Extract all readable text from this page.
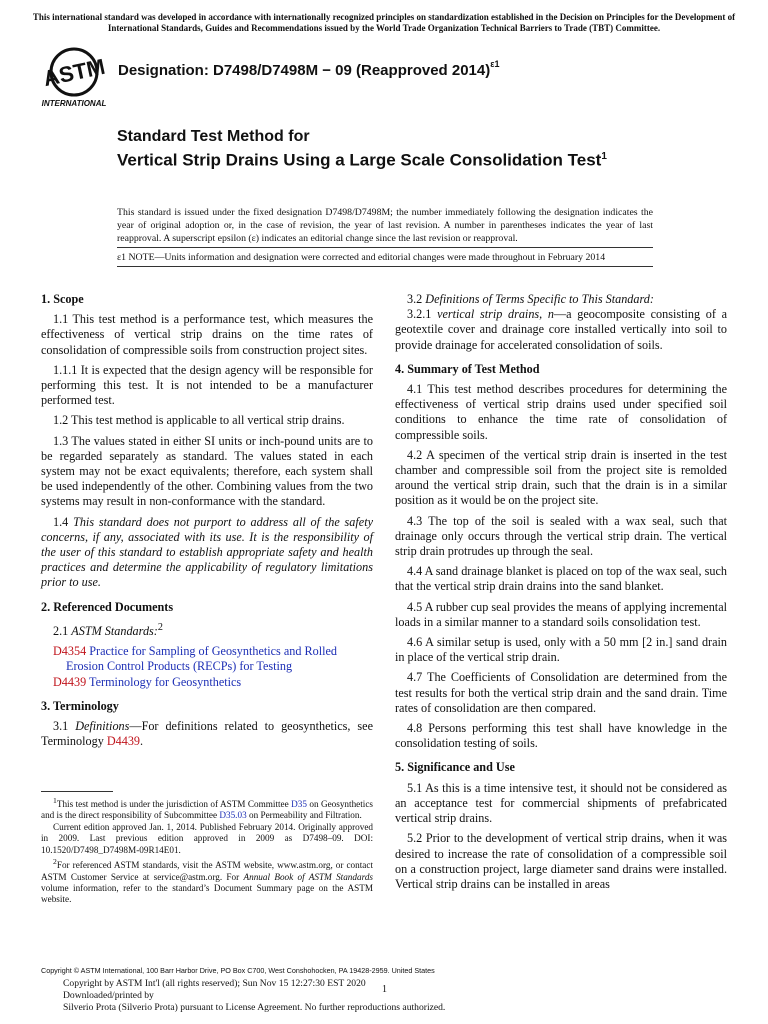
This international standard was developed in accordance with internationally recognized principles on standardization established in the Decision on Principles for the Development of International Standards, Guides and Recommendations issued by the World Trade Organization Technical Barriers to Trade (TBT) Committee.
ASTM
INTERNATIONAL
Designation: D7498/D7498M − 09 (Reapproved 2014)$^{\varepsilon 1}$
Standard Test Method for
Vertical Strip Drains Using a Large Scale Consolidation Test$^1$
This standard is issued under the fixed designation D7498/D7498M; the number immediately following the designation indicates the year of original adoption or, in the case of revision, the year of last revision. A number in parentheses indicates the year of last reapproval. A superscript epsilon (ε) indicates an editorial change since the last revision or reapproval.
ε1 NOTE—Units information and designation were corrected and editorial changes were made throughout in February 2014
1. Scope

1.1 This test method is a performance test, which measures the effectiveness of vertical strip drains on the time rates of consolidation of compressible soils from construction project sites.

1.1.1 It is expected that the design agency will be responsible for performing this test. It is not intended to be a manufacturer performed test.

1.2 This test method is applicable to all vertical strip drains.

1.3 The values stated in either SI units or inch-pound units are to be regarded separately as standard. The values stated in each system may not be exact equivalents; therefore, each system shall be used independently of the other. Combining values from the two systems may result in non-conformance with the standard.

1.4 This standard does not purport to address all of the safety concerns, if any, associated with its use. It is the responsibility of the user of this standard to establish appropriate safety and health practices and determine the applicability of regulatory limitations prior to use.

2. Referenced Documents

2.1 ASTM Standards:$^2$

D4354 Practice for Sampling of Geosynthetics and Rolled Erosion Control Products (RECPs) for Testing

D4439 Terminology for Geosynthetics

3. Terminology

3.1 Definitions—For definitions related to geosynthetics, see Terminology D4439.

$^1$This test method is under the jurisdiction of ASTM Committee D35 on Geosynthetics and is the direct responsibility of Subcommittee D35.03 on Permeability and Filtration.

Current edition approved Jan. 1, 2014. Published February 2014. Originally approved in 2009. Last previous edition approved in 2009 as D7498–09. DOI: 10.1520/D7498_D7498M-09R14E01.

$^2$For referenced ASTM standards, visit the ASTM website, www.astm.org, or contact ASTM Customer Service at service@astm.org. For Annual Book of ASTM Standards volume information, refer to the standard’s Document Summary page on the ASTM website.

3.2 Definitions of Terms Specific to This Standard:

3.2.1 vertical strip drains, n—a geocomposite consisting of a geotextile cover and drainage core installed vertically into soil to provide drainage for accelerated consolidation of soils.

4. Summary of Test Method

4.1 This test method describes procedures for determining the effectiveness of vertical strip drains used under specified soil conditions to enhance the time rate of consolidation of compressible soils.

4.2 A specimen of the vertical strip drain is inserted in the test chamber and compressible soil from the project site is remolded around the vertical strip drain, such that the drain is in a similar position as it would be on the project site.

4.3 The top of the soil is sealed with a wax seal, such that drainage only occurs through the vertical strip drain. The vertical strip drain protrudes up through the seal.

4.4 A sand drainage blanket is placed on top of the wax seal, such that the vertical strip drain drains into the sand blanket.

4.5 A rubber cup seal provides the means of applying incremental loads in a similar manner to a standard soils consolidation test.

4.6 A similar setup is used, only with a 50 mm [2 in.] sand drain in place of the vertical strip drain.

4.7 The Coefficients of Consolidation are determined from the test results for both the vertical strip drain and the sand drain. Time rates of consolidation are then compared.

4.8 Persons performing this test shall have knowledge in the consolidation testing of soils.

5. Significance and Use

5.1 As this is a time intensive test, it should not be considered as an acceptance test for commercial shipments of prefabricated vertical strip drains.

5.2 Prior to the development of vertical strip drains, when it was desired to increase the rate of consolidation of a compressible soil on a construction project, large diameter sand drains were installed. Vertical strip drains can be installed in areas

Copyright © ASTM International, 100 Barr Harbor Drive, PO Box C700, West Conshohocken, PA 19428-2959. United States
Copyright by ASTM Int'l (all rights reserved); Sun Nov 15 12:27:30 EST 2020
Downloaded/printed by
Silverio Prota (Silverio Prota) pursuant to License Agreement. No further reproductions authorized.
1
